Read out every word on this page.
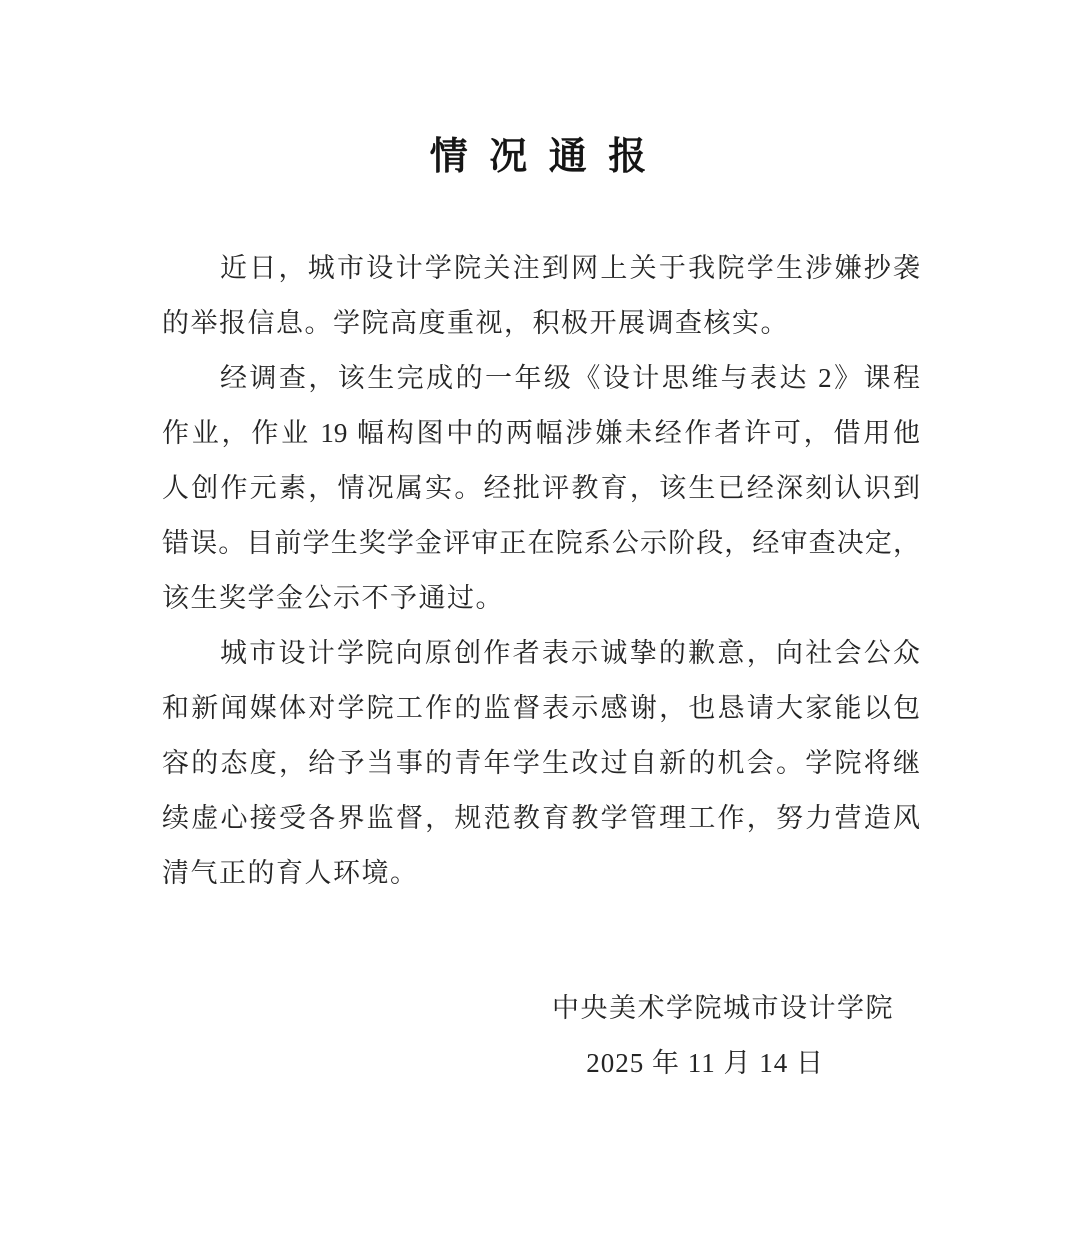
情 况 通 报
近日，城市设计学院关注到网上关于我院学生涉嫌抄袭
的举报信息。学院高度重视，积极开展调查核实。
经调查，该生完成的一年级《设计思维与表达 2》课程
作业，作业 19 幅构图中的两幅涉嫌未经作者许可，借用他
人创作元素，情况属实。经批评教育，该生已经深刻认识到
错误。目前学生奖学金评审正在院系公示阶段，经审查决定，
该生奖学金公示不予通过。
城市设计学院向原创作者表示诚挚的歉意，向社会公众
和新闻媒体对学院工作的监督表示感谢，也恳请大家能以包
容的态度，给予当事的青年学生改过自新的机会。学院将继
续虚心接受各界监督，规范教育教学管理工作，努力营造风
清气正的育人环境。
中央美术学院城市设计学院
2025 年 11 月 14 日
